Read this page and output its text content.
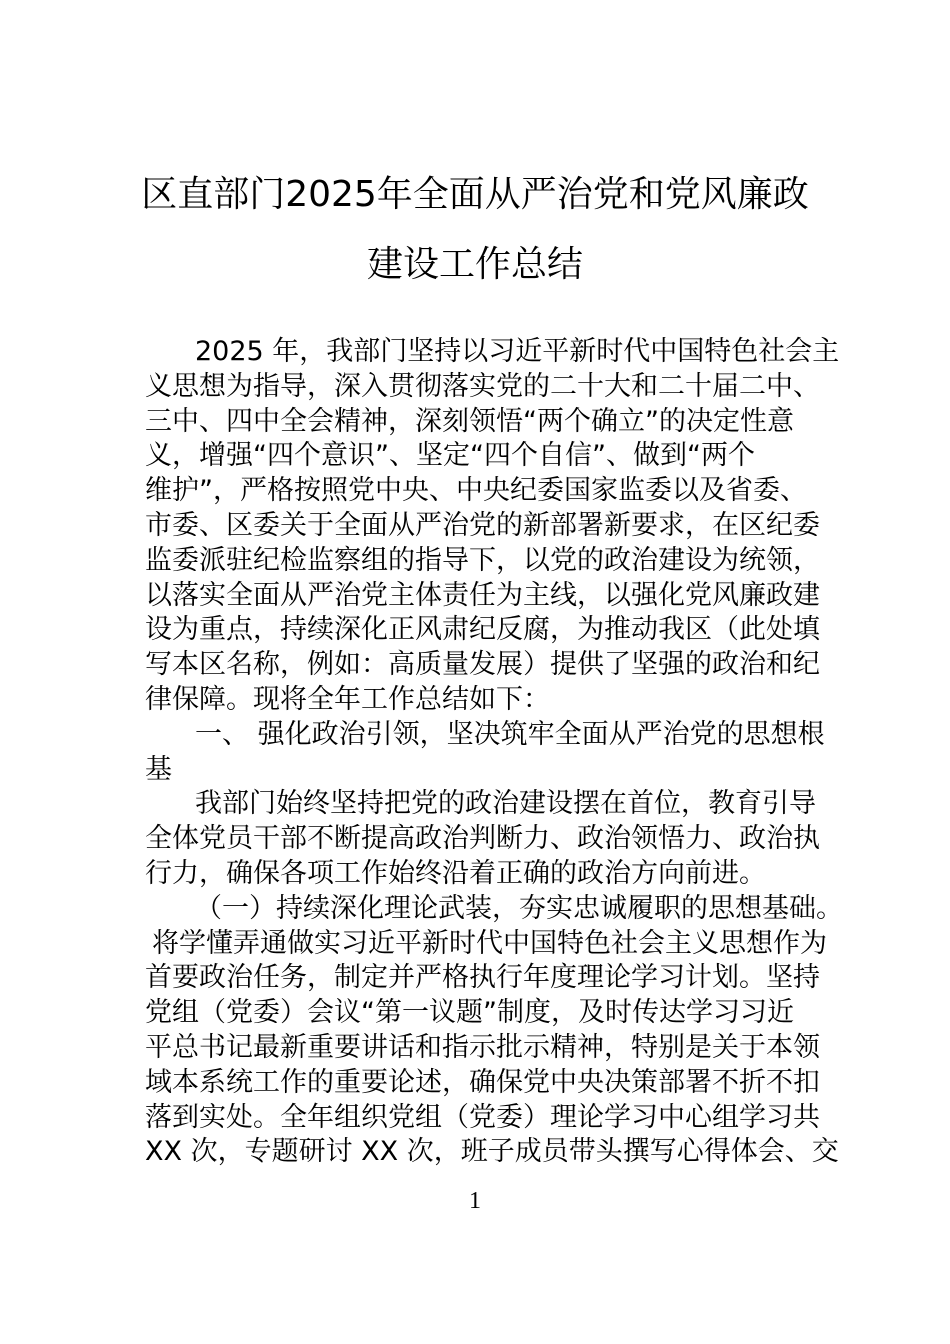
区直部门2025年全面从严治党和党风廉政
建设工作总结
2025 年，我部门坚持以习近平新时代中国特色社会主
义思想为指导，深入贯彻落实党的二十大和二十届二中、
三中、四中全会精神，深刻领悟“两个确立”的决定性意
义，增强“四个意识”、坚定“四个自信”、做到“两个
维护”，严格按照党中央、中央纪委国家监委以及省委、
市委、区委关于全面从严治党的新部署新要求，在区纪委
监委派驻纪检监察组的指导下，以党的政治建设为统领，
以落实全面从严治党主体责任为主线，以强化党风廉政建
设为重点，持续深化正风肃纪反腐，为推动我区（此处填
写本区名称，例如：高质量发展）提供了坚强的政治和纪
律保障。现将全年工作总结如下：
一、 强化政治引领，坚决筑牢全面从严治党的思想根
基
我部门始终坚持把党的政治建设摆在首位，教育引导
全体党员干部不断提高政治判断力、政治领悟力、政治执
行力，确保各项工作始终沿着正确的政治方向前进。
（一）持续深化理论武装，夯实忠诚履职的思想基础。
将学懂弄通做实习近平新时代中国特色社会主义思想作为
首要政治任务，制定并严格执行年度理论学习计划。坚持
党组（党委）会议“第一议题”制度，及时传达学习习近
平总书记最新重要讲话和指示批示精神，特别是关于本领
域本系统工作的重要论述，确保党中央决策部署不折不扣
落到实处。全年组织党组（党委）理论学习中心组学习共
XX 次，专题研讨 XX 次，班子成员带头撰写心得体会、交
1
